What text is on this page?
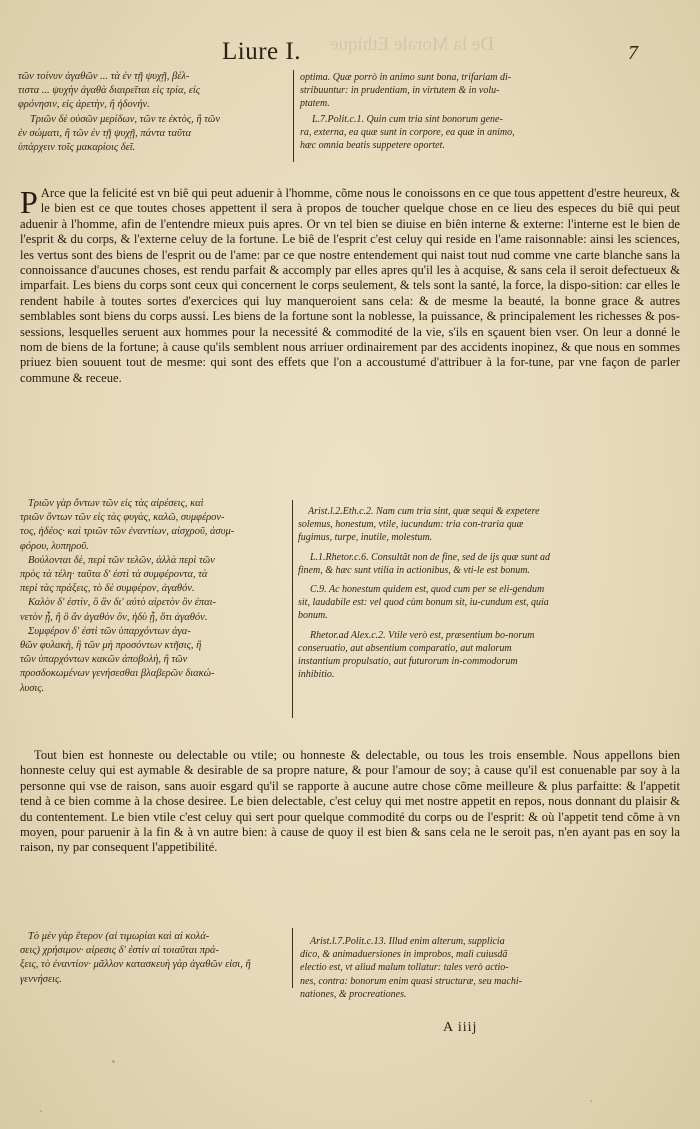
De la Morale Ethique
Liure I.	7

τῶν τοίνυν ἀγαθῶν ... τὰ ἐν τῇ ψυχῇ, βέλ-

τιστα ... ψυχὴν ἀγαθὰ διαιρεῖται εἰς τρία, εἰς

φρόνησιν, εἰς ἀρετὴν, ἢ ἡδονήν.

Τριῶν δὲ οὐσῶν μερίδων, τῶν τε ἐκτὸς, ἢ τῶν

ἐν σώματι, ἢ τῶν ἐν τῇ ψυχῇ, πάντα ταῦτα

ὑπάρχειν τοῖς μακαρίοις δεῖ.

optima. Quæ porrò in animo sunt bona, trifariam di-

stribuuntur: in prudentiam, in virtutem & in volu-

ptatem.

L.7.Polit.c.1. Quin cum tria sint bonorum gene-

ra, externa, ea quæ sunt in corpore, ea quæ in animo,

hæc omnia beatis suppetere oportet.

P Arce que la felicité est vn biê qui peut aduenir à l'homme, cõme nous le conoissons en ce que tous appettent d'estre heureux, & le bien est ce que toutes choses appettent il sera à propos de toucher quelque chose en ce lieu des especes du biê qui peut aduenir à l'homme, afin de l'entendre mieux puis apres. Or vn tel bien se diuise en biên interne & externe: l'interne est le bien de l'esprit & du corps, & l'externe celuy de la fortune. Le biê de l'esprit c'est celuy qui reside en l'ame raisonnable: ainsi les sciences, les vertus sont des biens de l'esprit ou de l'ame: par ce que nostre entendement qui naist tout nud comme vne carte blanche sans la connoissance d'aucunes choses, est rendu parfait & accomply par elles apres qu'il les à acquise, & sans cela il seroit defectueux & imparfait. Les biens du corps sont ceux qui concernent le corps seulement, & tels sont la santé, la force, la dispo-sition: car elles le rendent habile à toutes sortes d'exercices qui luy manqueroient sans cela: & de mesme la beauté, la bonne grace & autres semblables sont biens du corps aussi. Les biens de la fortune sont la noblesse, la puissance, & principalement les richesses & pos-sessions, lesquelles seruent aux hommes pour la necessité & commodité de la vie, s'ils en sçauent bien vser. On leur a donné le nom de biens de la fortune; à cause qu'ils semblent nous arriuer ordinairement par des accidents inopinez, & que nous en sommes priuez bien souuent tout de mesme: qui sont des effets que l'on a accoustumé d'attribuer à la for-tune, par vne façon de parler commune & receue.

Τριῶν γὰρ ὄντων τῶν εἰς τὰς αἱρέσεις, καὶ

τριῶν ὄντων τῶν εἰς τὰς φυγὰς, καλῶ, συμφέρον-

τος, ἡδέος· καὶ τριῶν τῶν ἐναντίων, αἰσχροῦ, ἀσυμ-

φόρου, λυπηροῦ.

Βούλονται δὲ, περὶ τῶν τελῶν, ἀλλὰ περὶ τῶν

πρὸς τὰ τέλη· ταῦτα δ' ἐστὶ τὰ συμφέροντα, τὰ

περὶ τὰς πράξεις, τὸ δὲ συμφέρον, ἀγαθόν.

Καλὸν δ' ἐστὶν, ὃ ἂν δι' αὐτὸ αἱρετὸν ὂν ἐπαι-

νετὸν ᾖ, ἢ ὃ ἂν ἀγαθὸν ὂν, ἡδὺ ᾖ, ὅτι ἀγαθόν.

Συμφέρον δ' ἐστὶ τῶν ὑπαρχόντων ἀγα-

θῶν φυλακὴ, ἢ τῶν μὴ προσόντων κτῆσις, ἢ

τῶν ὑπαρχόντων κακῶν ἀποβολὴ, ἢ τῶν

προσδοκωμένων γενήσεσθαι βλαβερῶν διακώ-

λυσις.

Arist.l.2.Eth.c.2. Nam cum tria sint, quæ sequi & expetere solemus, honestum, vtile, iucundum: tria con-traria quæ fugimus, turpe, inutile, molestum.

L.1.Rhetor.c.6. Consultãt non de fine, sed de ijs quæ sunt ad finem, & hæc sunt vtilia in actionibus, & vti-le est bonum.

C.9. Ac honestum quidem est, quod cum per se eli-gendum sit, laudabile est: vel quod cùm bonum sit, iu-cundum est, quia bonum.

Rhetor.ad Alex.c.2. Vtile verò est, præsentium bo-norum conseruatio, aut absentium comparatio, aut malorum instantium propulsatio, aut futurorum in-commodorum inhibitio.

Tout bien est honneste ou delectable ou vtile; ou honneste & delectable, ou tous les trois ensemble. Nous appellons bien honneste celuy qui est aymable & desirable de sa propre nature, & pour l'amour de soy; à cause qu'il est conuenable par soy à la personne qui vse de raison, sans auoir esgard qu'il se rapporte à aucune autre chose cõme meilleure & plus parfaitte: & l'appetit tend à ce bien comme à la chose desiree. Le bien delectable, c'est celuy qui met nostre appetit en repos, nous donnant du plaisir & du contentement. Le bien vtile c'est celuy qui sert pour quelque commodité du corps ou de l'esprit: & où l'appetit tend cõme à vn moyen, pour paruenir à la fin & à vn autre bien: à cause de quoy il est bien & sans cela ne le seroit pas, n'en ayant pas en soy la raison, ny par consequent l'appetibilité.

Τὸ μὲν γὰρ ἕτερον (αἱ τιμωρίαι καὶ αἱ κολά-

σεις) χρήσιμον· αἱρεσις δ' ἐστὶν αἱ τοιαῦται πρά-

ξεις, τὸ ἐναντίον· μᾶλλον κατασκευὴ γὰρ ἀγαθῶν εἰσι, ἢ

γεννήσεις.

Arist.l.7.Polit.c.13. Illud enim alterum, supplicia

dico, & animaduersiones in improbos, mali cuiusdã

electio est, vt aliud malum tollatur: tales verò actio-

nes, contra: bonorum enim quasi structuræ, seu machi-

nationes, & procreationes.

A iiij
